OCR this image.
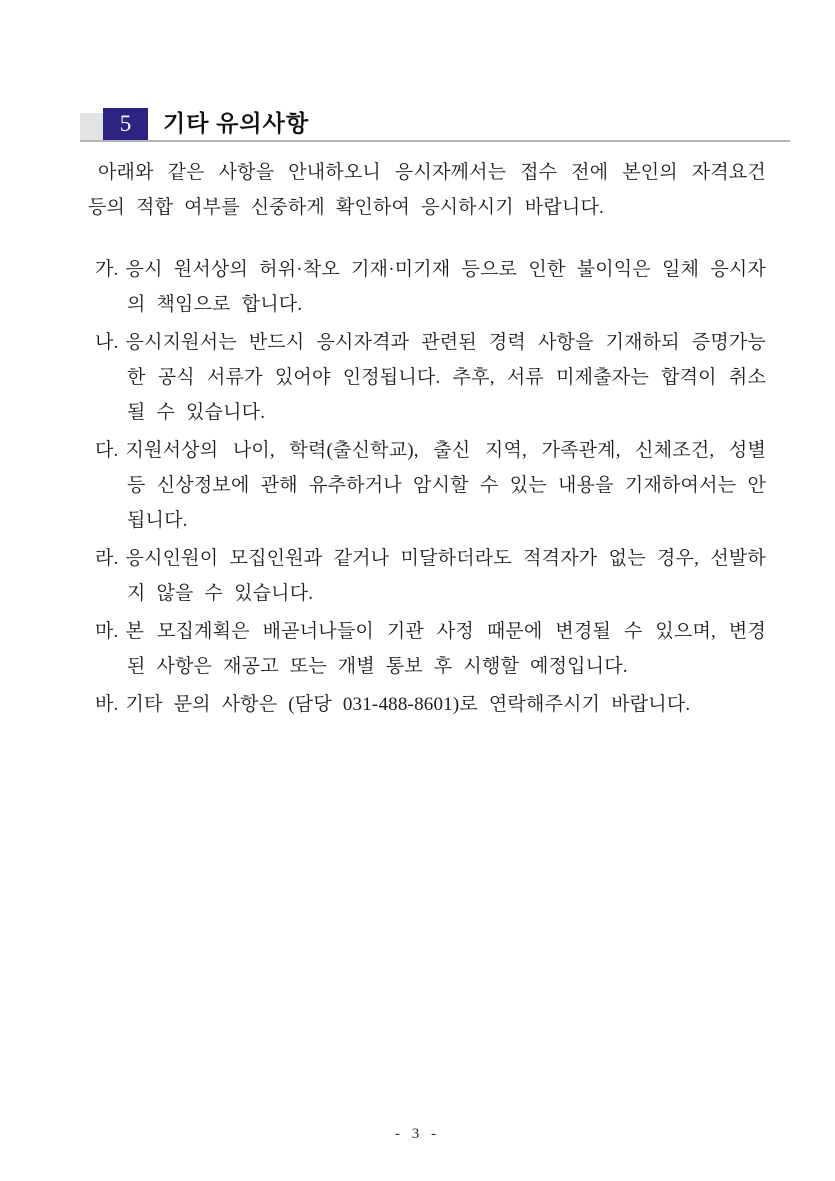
5 기타 유의사항

아래와 같은 사항을 안내하오니 응시자께서는 접수 전에 본인의 자격요건 등의 적합 여부를 신중하게 확인하여 응시하시기 바랍니다.

가. 응시 원서상의 허위·착오 기재·미기재 등으로 인한 불이익은 일체 응시자의 책임으로 합니다.

나. 응시지원서는 반드시 응시자격과 관련된 경력 사항을 기재하되 증명가능한 공식 서류가 있어야 인정됩니다. 추후, 서류 미제출자는 합격이 취소될 수 있습니다.

다. 지원서상의 나이, 학력(출신학교), 출신 지역, 가족관계, 신체조건, 성별 등 신상정보에 관해 유추하거나 암시할 수 있는 내용을 기재하여서는 안 됩니다.

라. 응시인원이 모집인원과 같거나 미달하더라도 적격자가 없는 경우, 선발하지 않을 수 있습니다.

마. 본 모집계획은 배곧너나들이 기관 사정 때문에 변경될 수 있으며, 변경된 사항은 재공고 또는 개별 통보 후 시행할 예정입니다.

바. 기타 문의 사항은 (담당 031-488-8601)로 연락해주시기 바랍니다.

- 3 -
